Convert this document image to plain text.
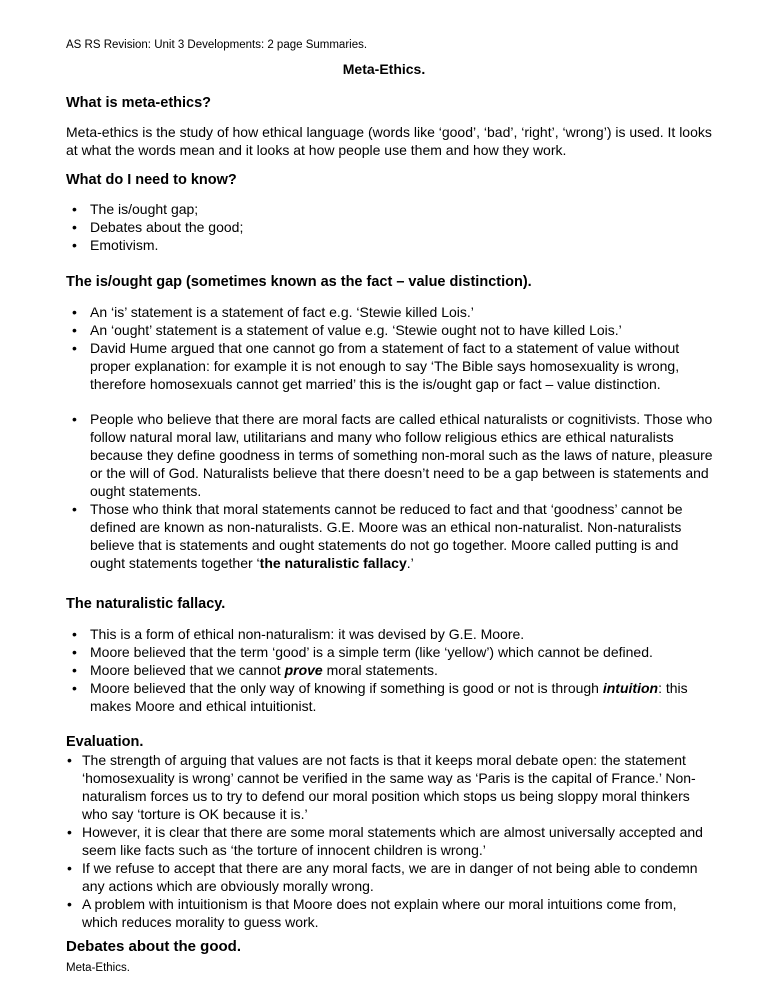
AS RS Revision: Unit 3 Developments: 2 page Summaries.
Meta-Ethics.
What is meta-ethics?

Meta-ethics is the study of how ethical language (words like ‘good’, ‘bad’, ‘right’, ‘wrong’) is used. It looks at what the words mean and it looks at how people use them and how they work.

What do I need to know?
• The is/ought gap;
• Debates about the good;
• Emotivism.
The is/ought gap (sometimes known as the fact – value distinction).
• An ‘is’ statement is a statement of fact e.g. ‘Stewie killed Lois.’
• An ‘ought’ statement is a statement of value e.g. ‘Stewie ought not to have killed Lois.’
• David Hume argued that one cannot go from a statement of fact to a statement of value without proper explanation: for example it is not enough to say ‘The Bible says homosexuality is wrong, therefore homosexuals cannot get married’ this is the is/ought gap or fact – value distinction.
• People who believe that there are moral facts are called ethical naturalists or cognitivists. Those who follow natural moral law, utilitarians and many who follow religious ethics are ethical naturalists because they define goodness in terms of something non-moral such as the laws of nature, pleasure or the will of God. Naturalists believe that there doesn’t need to be a gap between is statements and ought statements.
• Those who think that moral statements cannot be reduced to fact and that ‘goodness’ cannot be defined are known as non-naturalists. G.E. Moore was an ethical non-naturalist. Non-naturalists believe that is statements and ought statements do not go together. Moore called putting is and ought statements together ‘the naturalistic fallacy.’
The naturalistic fallacy.
• This is a form of ethical non-naturalism: it was devised by G.E. Moore.
• Moore believed that the term ‘good’ is a simple term (like ‘yellow’) which cannot be defined.
• Moore believed that we cannot prove moral statements.
• Moore believed that the only way of knowing if something is good or not is through intuition: this makes Moore and ethical intuitionist.
Evaluation.
• The strength of arguing that values are not facts is that it keeps moral debate open: the statement ‘homosexuality is wrong’ cannot be verified in the same way as ‘Paris is the capital of France.’ Non-naturalism forces us to try to defend our moral position which stops us being sloppy moral thinkers who say ‘torture is OK because it is.’
• However, it is clear that there are some moral statements which are almost universally accepted and seem like facts such as ‘the torture of innocent children is wrong.’
• If we refuse to accept that there are any moral facts, we are in danger of not being able to condemn any actions which are obviously morally wrong.
• A problem with intuitionism is that Moore does not explain where our moral intuitions come from, which reduces morality to guess work.
Debates about the good.
Meta-Ethics.
